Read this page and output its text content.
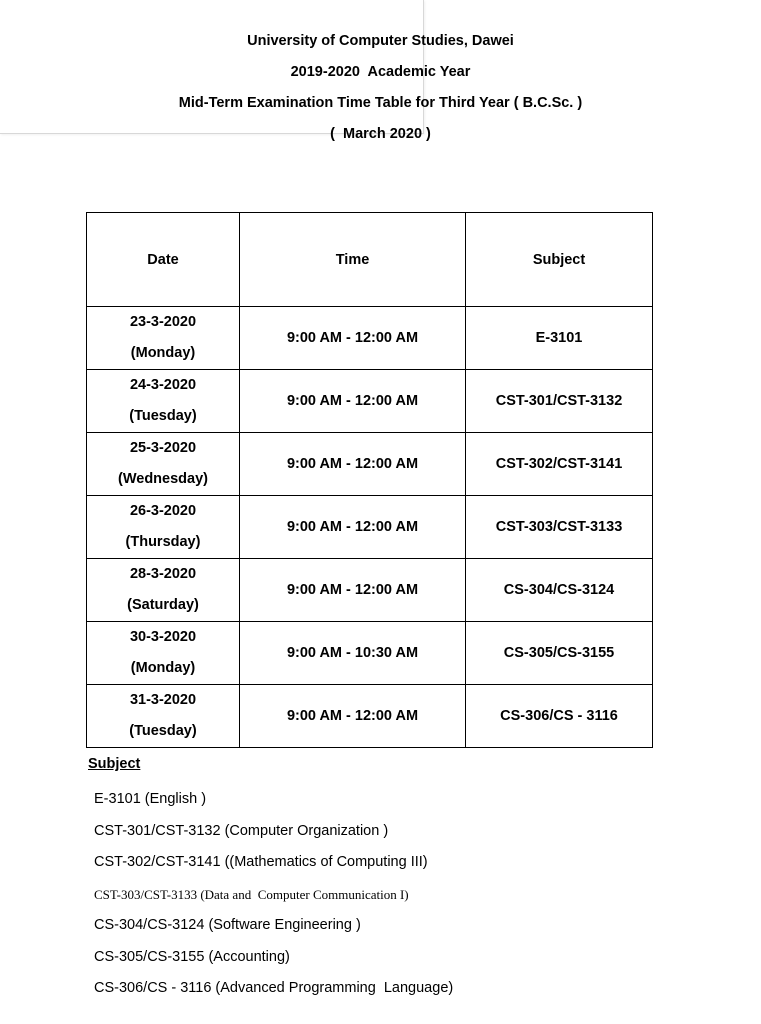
University of Computer Studies, Dawei
2019-2020  Academic Year
Mid-Term Examination Time Table for Third Year ( B.C.Sc. )
(  March 2020 )
Date	Time	Subject

23-3-2020
(Monday)	9:00 AM - 12:00 AM	E-3101

24-3-2020
(Tuesday)	9:00 AM - 12:00 AM	CST-301/CST-3132

25-3-2020
(Wednesday)	9:00 AM - 12:00 AM	CST-302/CST-3141

26-3-2020
(Thursday)	9:00 AM - 12:00 AM	CST-303/CST-3133

28-3-2020
(Saturday)	9:00 AM - 12:00 AM	CS-304/CS-3124

30-3-2020
(Monday)	9:00 AM - 10:30 AM	CS-305/CS-3155

31-3-2020
(Tuesday)	9:00 AM - 12:00 AM	CS-306/CS - 3116
Subject
E-3101 (English )
CST-301/CST-3132 (Computer Organization )
CST-302/CST-3141 ((Mathematics of Computing III)
CST-303/CST-3133 (Data and  Computer Communication I)
CS-304/CS-3124 (Software Engineering )
CS-305/CS-3155 (Accounting)
CS-306/CS - 3116 (Advanced Programming  Language)
